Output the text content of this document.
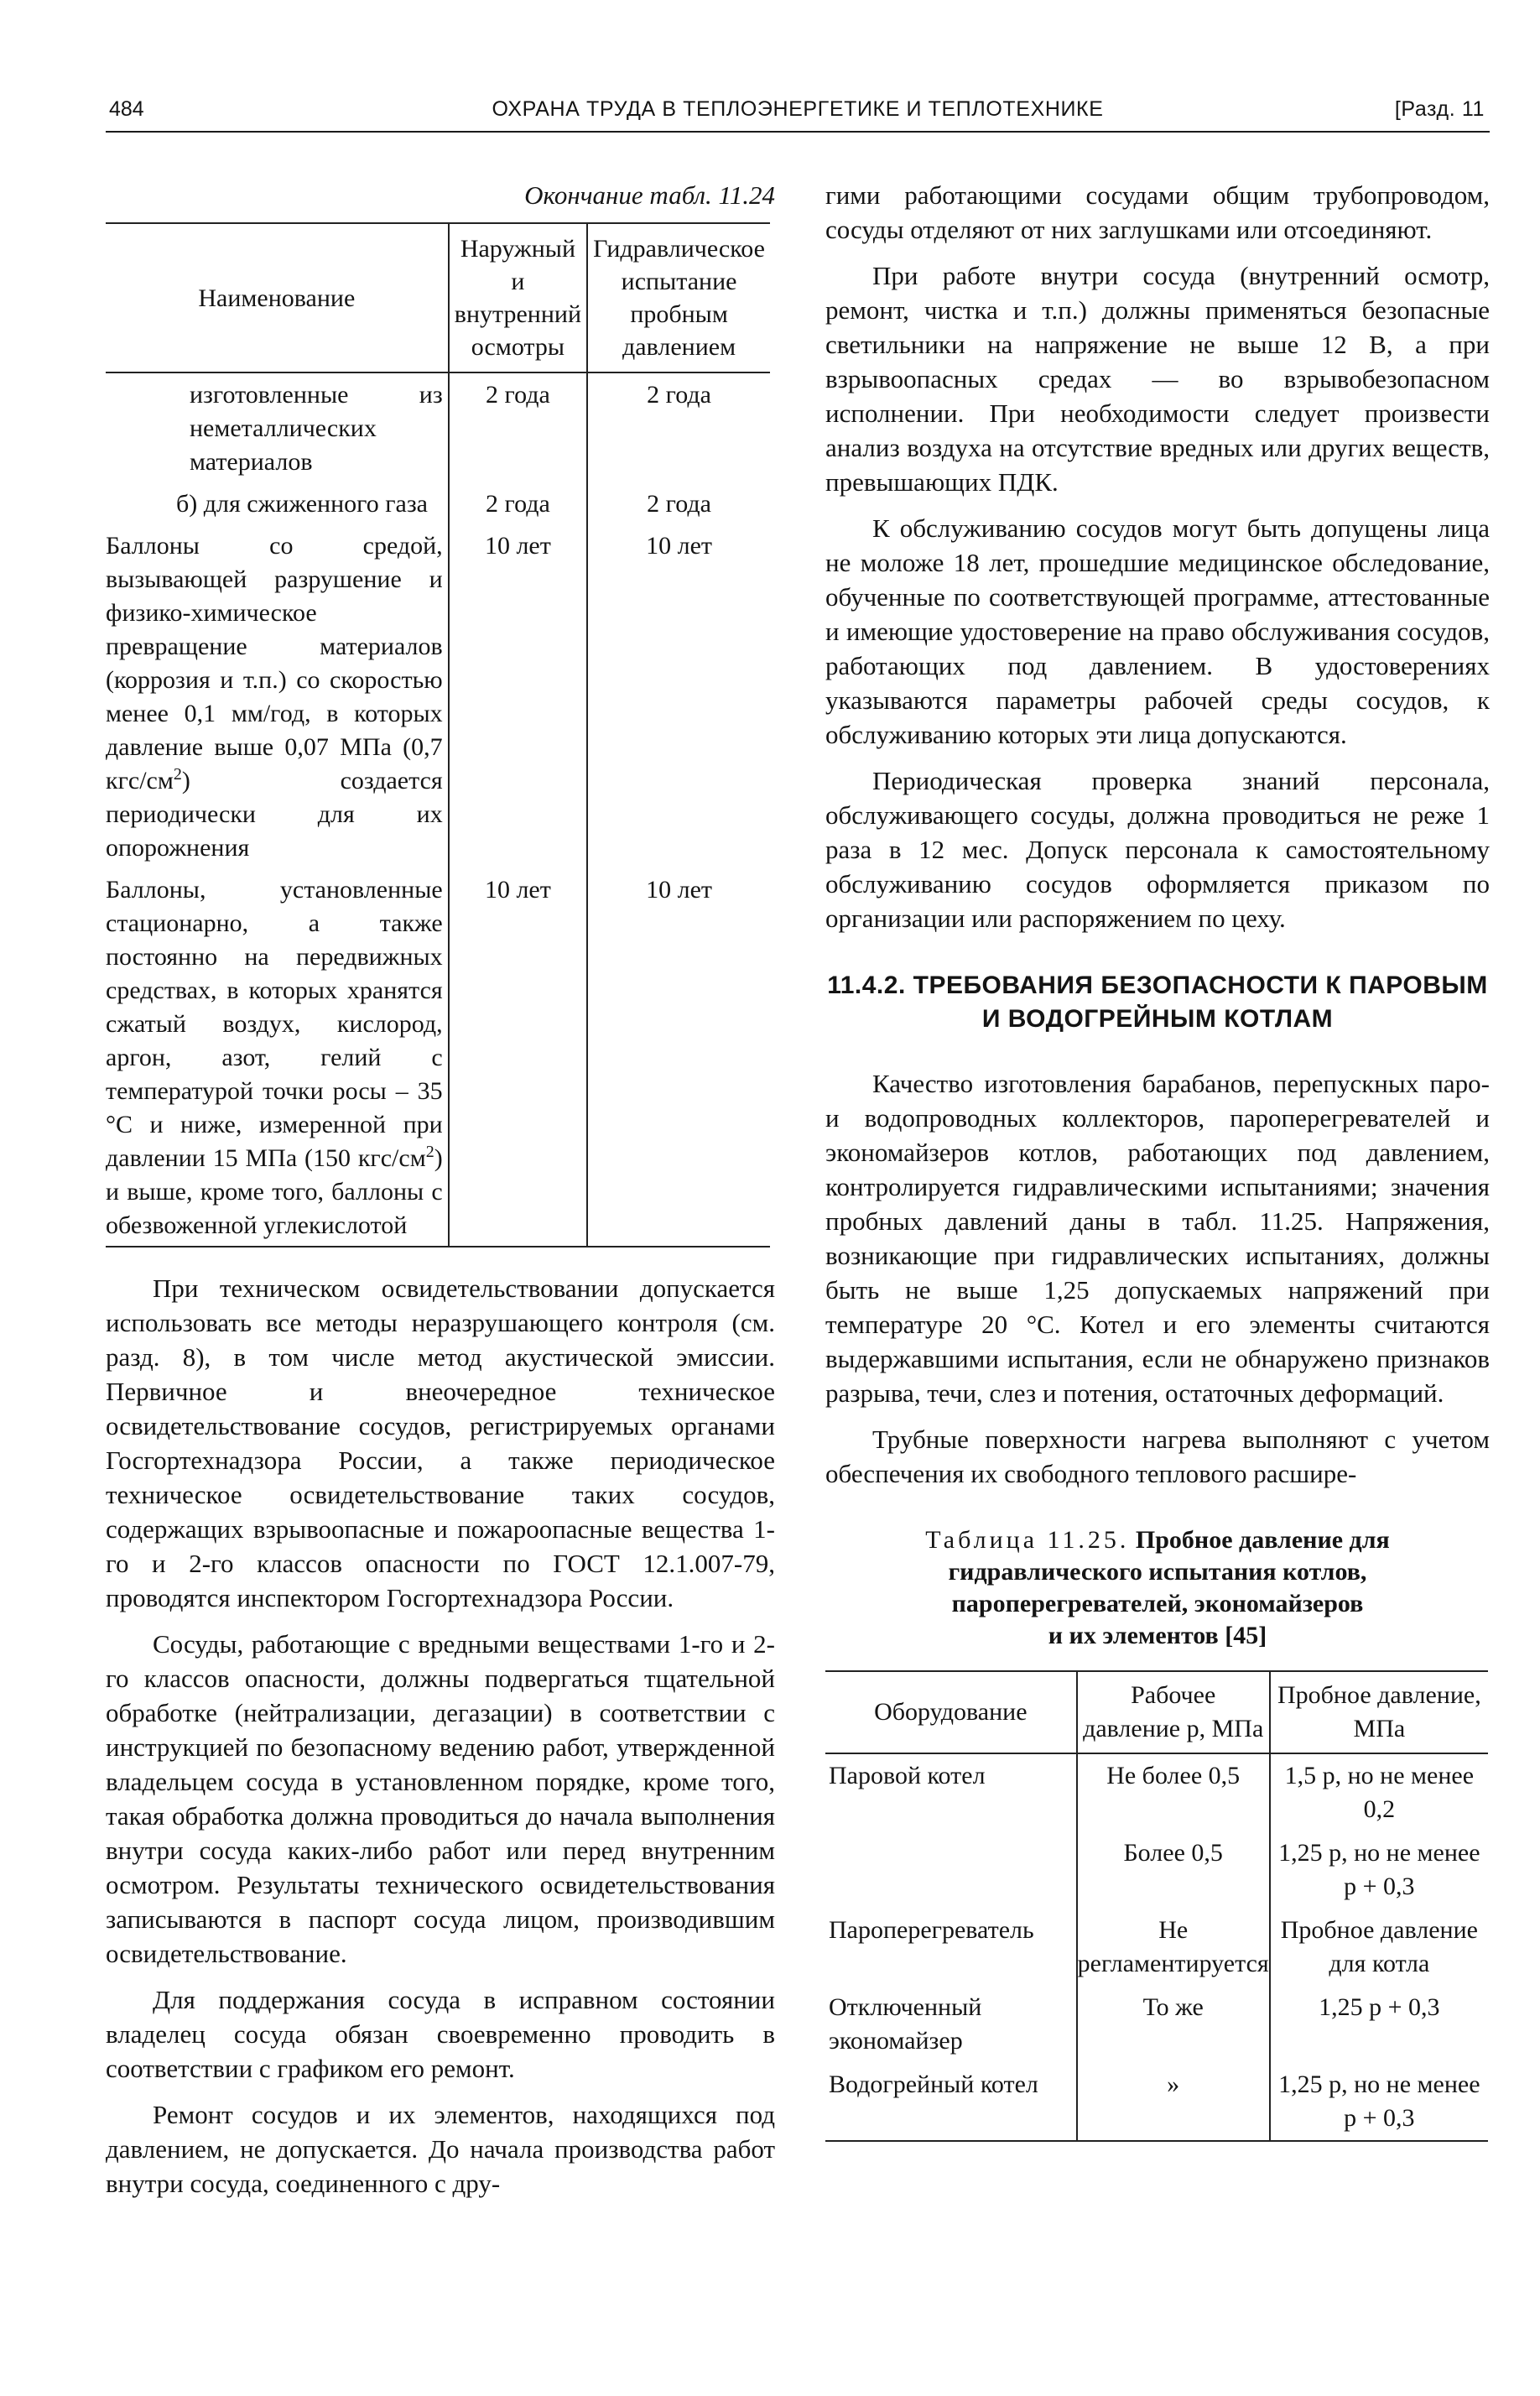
484	ОХРАНА ТРУДА В ТЕПЛОЭНЕРГЕТИКЕ И ТЕПЛОТЕХНИКЕ	[Разд. 11
Окончание табл. 11.24
Наименование	Наружный и внутренний осмотры	Гидравлическое испытание пробным давлением
изготовленные из неметаллических материалов	2 года	2 года
б) для сжиженного газа	2 года	2 года
Баллоны со средой, вызывающей разрушение и физико-химическое превращение материалов (коррозия и т.п.) со скоростью менее 0,1 мм/год, в которых давление выше 0,07 МПа (0,7 кгс/$см^2$) создается периодически для их опорожнения	10 лет	10 лет
Баллоны, установленные стационарно, а также постоянно на передвижных средствах, в которых хранятся сжатый воздух, кислород, аргон, азот, гелий с температурой точки росы – 35 °С и ниже, измеренной при давлении 15 МПа (150 кгс/$см^2$) и выше, кроме того, баллоны с обезвоженной углекислотой	10 лет	10 лет

При техническом освидетельствовании допускается использовать все методы неразрушающего контроля (см. разд. 8), в том числе метод акустической эмиссии. Первичное и внеочередное техническое освидетельствование сосудов, регистрируемых органами Госгортехнадзора России, а также периодическое техническое освидетельствование таких сосудов, содержащих взрывоопасные и пожароопасные вещества 1-го и 2-го классов опасности по ГОСТ 12.1.007-79, проводятся инспектором Госгортехнадзора России.

Сосуды, работающие с вредными веществами 1-го и 2-го классов опасности, должны подвергаться тщательной обработке (нейтрализации, дегазации) в соответствии с инструкцией по безопасному ведению работ, утвержденной владельцем сосуда в установленном порядке, кроме того, такая обработка должна проводиться до начала выполнения внутри сосуда каких-либо работ или перед внутренним осмотром. Результаты технического освидетельствования записываются в паспорт сосуда лицом, производившим освидетельствование.

Для поддержания сосуда в исправном состоянии владелец сосуда обязан своевременно проводить в соответствии с графиком его ремонт.

Ремонт сосудов и их элементов, находящихся под давлением, не допускается. До начала производства работ внутри сосуда, соединенного с дру-

гими работающими сосудами общим трубопроводом, сосуды отделяют от них заглушками или отсоединяют.

При работе внутри сосуда (внутренний осмотр, ремонт, чистка и т.п.) должны применяться безопасные светильники на напряжение не выше 12 В, а при взрывоопасных средах — во взрывобезопасном исполнении. При необходимости следует произвести анализ воздуха на отсутствие вредных или других веществ, превышающих ПДК.

К обслуживанию сосудов могут быть допущены лица не моложе 18 лет, прошедшие медицинское обследование, обученные по соответствующей программе, аттестованные и имеющие удостоверение на право обслуживания сосудов, работающих под давлением. В удостоверениях указываются параметры рабочей среды сосудов, к обслуживанию которых эти лица допускаются.

Периодическая проверка знаний персонала, обслуживающего сосуды, должна проводиться не реже 1 раза в 12 мес. Допуск персонала к самостоятельному обслуживанию сосудов оформляется приказом по организации или распоряжением по цеху.

11.4.2. ТРЕБОВАНИЯ БЕЗОПАСНОСТИ К ПАРОВЫМ
И ВОДОГРЕЙНЫМ КОТЛАМ

Качество изготовления барабанов, перепускных паро- и водопроводных коллекторов, пароперегревателей и экономайзеров котлов, работающих под давлением, контролируется гидравлическими испытаниями; значения пробных давлений даны в табл. 11.25. Напряжения, возникающие при гидравлических испытаниях, должны быть не выше 1,25 допускаемых напряжений при температуре 20 °С. Котел и его элементы считаются выдержавшими испытания, если не обнаружено признаков разрыва, течи, слез и потения, остаточных деформаций.

Трубные поверхности нагрева выполняют с учетом обеспечения их свободного теплового расшире-

Таблица 11.25. Пробное давление для
гидравлического испытания котлов,
пароперегревателей, экономайзеров
и их элементов [45]
Оборудование	Рабочее давление p, МПа	Пробное давление, МПа
Паровой котел	Не более 0,5	1,5 p, но не менее 0,2
	Более 0,5	1,25 p, но не менее p + 0,3
Пароперегреватель	Не регламентируется	Пробное давление для котла
Отключенный экономайзер	То же	1,25 p + 0,3
Водогрейный котел	»	1,25 p, но не менее p + 0,3
